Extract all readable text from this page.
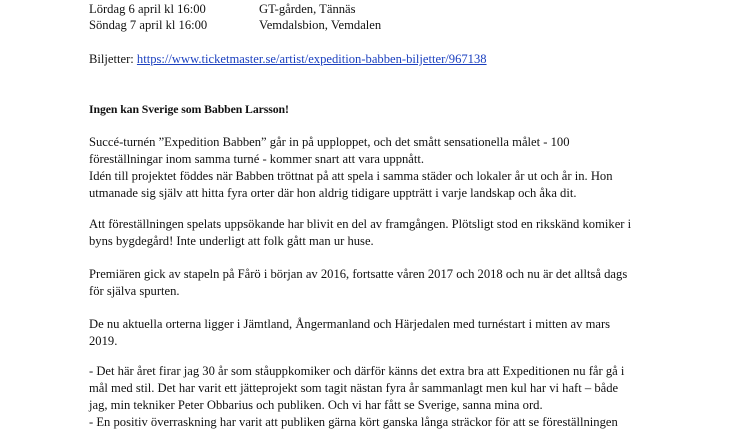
Lördag 6 april kl 16:00	GT-gården, Tännäs
Söndag 7 april kl 16:00	Vemdalsbion, Vemdalen
Biljetter: https://www.ticketmaster.se/artist/expedition-babben-biljetter/967138
Ingen kan Sverige som Babben Larsson!
Succé-turnén ”Expedition Babben” går in på upploppet, och det smått sensationella målet - 100
föreställningar inom samma turné - kommer snart att vara uppnått.
Idén till projektet föddes när Babben tröttnat på att spela i samma städer och lokaler år ut och år in. Hon
utmanade sig själv att hitta fyra orter där hon aldrig tidigare uppträtt i varje landskap och åka dit.
Att föreställningen spelats uppsökande har blivit en del av framgången. Plötsligt stod en rikskänd komiker i
byns bygdegård! Inte underligt att folk gått man ur huse.
Premiären gick av stapeln på Fårö i början av 2016, fortsatte våren 2017 och 2018 och nu är det alltså dags
för själva spurten.
De nu aktuella orterna ligger i Jämtland, Ångermanland och Härjedalen med turnéstart i mitten av mars
2019.
- Det här året firar jag 30 år som ståuppkomiker och därför känns det extra bra att Expeditionen nu får gå i
mål med stil. Det har varit ett jätteprojekt som tagit nästan fyra år sammanlagt men kul har vi haft – både
jag, min tekniker Peter Obbarius och publiken. Och vi har fått se Sverige, sanna mina ord.
- En positiv överraskning har varit att publiken gärna kört ganska långa sträckor för att se föreställningen
